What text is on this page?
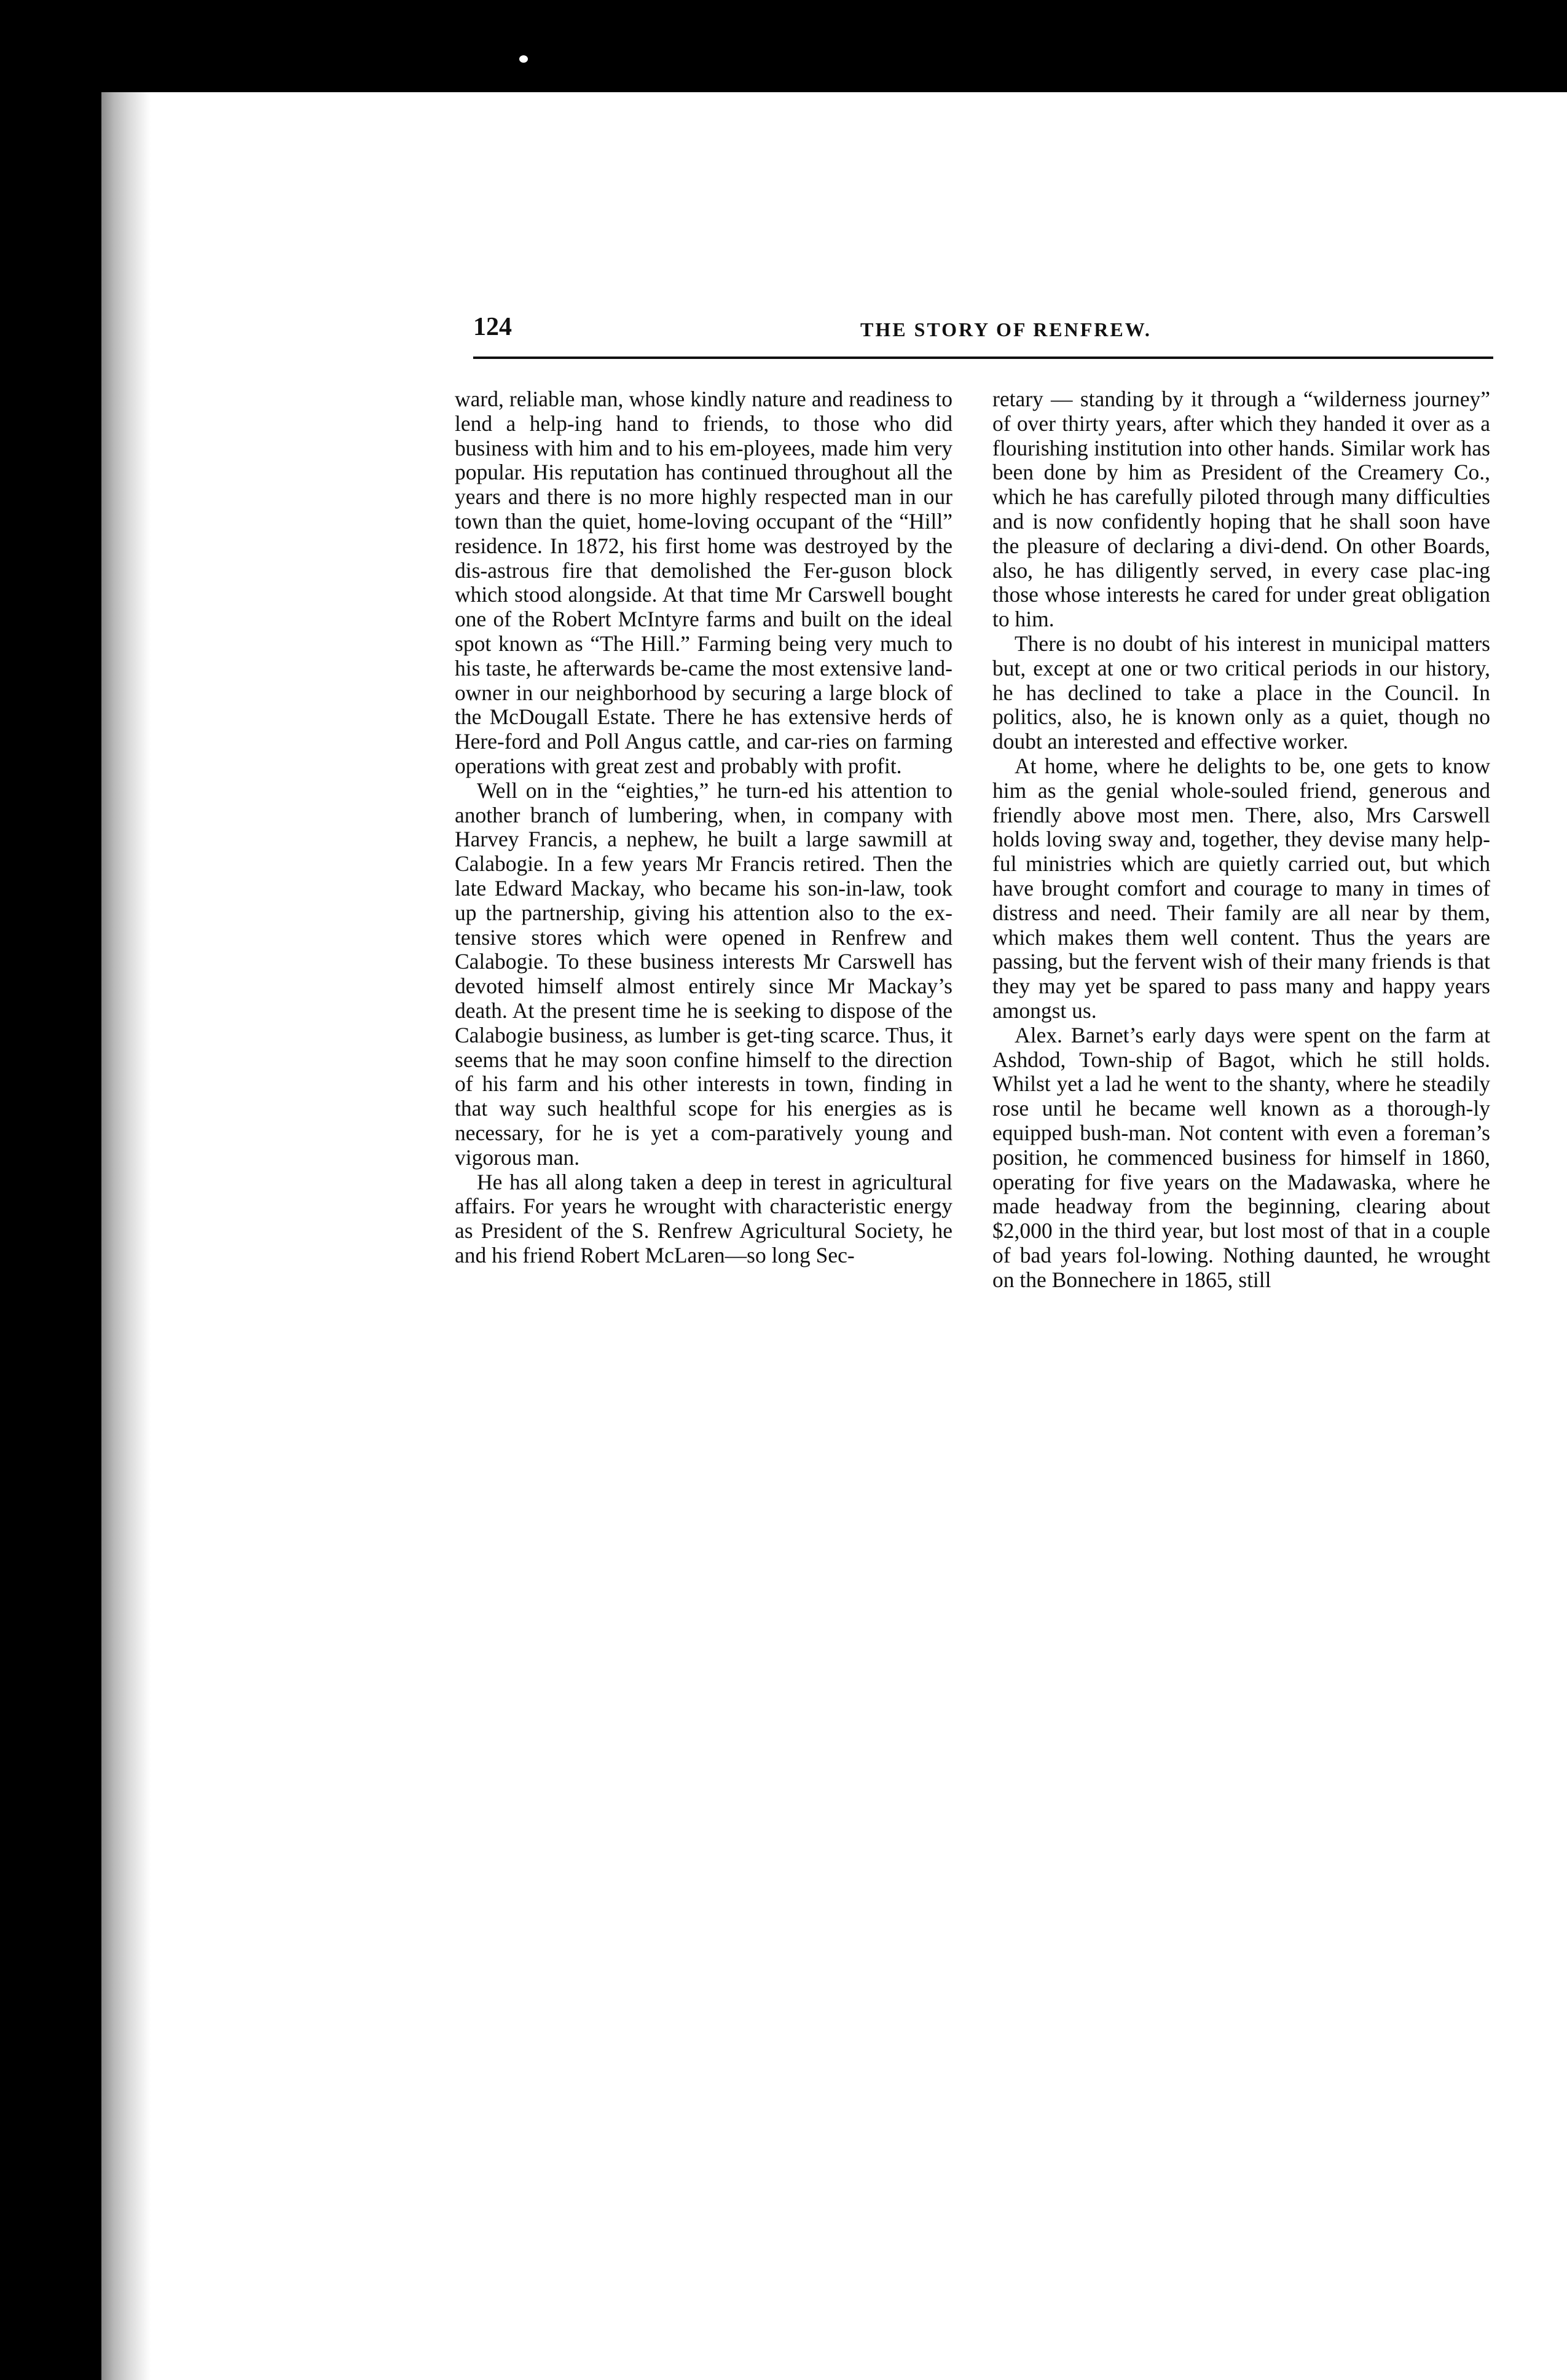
124	THE STORY OF RENFREW.

ward, reliable man, whose kindly nature and readiness to lend a help-ing hand to friends, to those who did business with him and to his em-ployees, made him very popular. His reputation has continued throughout all the years and there is no more highly respected man in our town than the quiet, home-loving occupant of the “Hill” residence. In 1872, his first home was destroyed by the dis-astrous fire that demolished the Fer-guson block which stood alongside. At that time Mr Carswell bought one of the Robert McIntyre farms and built on the ideal spot known as “The Hill.” Farming being very much to his taste, he afterwards be-came the most extensive land-owner in our neighborhood by securing a large block of the McDougall Estate. There he has extensive herds of Here-ford and Poll Angus cattle, and car-ries on farming operations with great zest and probably with profit.

Well on in the “eighties,” he turn-ed his attention to another branch of lumbering, when, in company with Harvey Francis, a nephew, he built a large sawmill at Calabogie. In a few years Mr Francis retired. Then the late Edward Mackay, who became his son-in-law, took up the partnership, giving his attention also to the ex-tensive stores which were opened in Renfrew and Calabogie. To these business interests Mr Carswell has devoted himself almost entirely since Mr Mackay’s death. At the present time he is seeking to dispose of the Calabogie business, as lumber is get-ting scarce. Thus, it seems that he may soon confine himself to the direction of his farm and his other interests in town, finding in that way such healthful scope for his energies as is necessary, for he is yet a com-paratively young and vigorous man.

He has all along taken a deep in terest in agricultural affairs. For years he wrought with characteristic energy as President of the S. Renfrew Agricultural Society, he and his friend Robert McLaren—so long Sec-

retary — standing by it through a “wilderness journey” of over thirty years, after which they handed it over as a flourishing institution into other hands. Similar work has been done by him as President of the Creamery Co., which he has carefully piloted through many difficulties and is now confidently hoping that he shall soon have the pleasure of declaring a divi-dend. On other Boards, also, he has diligently served, in every case plac-ing those whose interests he cared for under great obligation to him.

There is no doubt of his interest in municipal matters but, except at one or two critical periods in our history, he has declined to take a place in the Council. In politics, also, he is known only as a quiet, though no doubt an interested and effective worker.

At home, where he delights to be, one gets to know him as the genial whole-souled friend, generous and friendly above most men. There, also, Mrs Carswell holds loving sway and, together, they devise many help-ful ministries which are quietly carried out, but which have brought comfort and courage to many in times of distress and need. Their family are all near by them, which makes them well content. Thus the years are passing, but the fervent wish of their many friends is that they may yet be spared to pass many and happy years amongst us.

Alex. Barnet’s early days were spent on the farm at Ashdod, Town-ship of Bagot, which he still holds. Whilst yet a lad he went to the shanty, where he steadily rose until he became well known as a thorough-ly equipped bush-man. Not content with even a foreman’s position, he commenced business for himself in 1860, operating for five years on the Madawaska, where he made headway from the beginning, clearing about $2,000 in the third year, but lost most of that in a couple of bad years fol-lowing. Nothing daunted, he wrought on the Bonnechere in 1865, still
